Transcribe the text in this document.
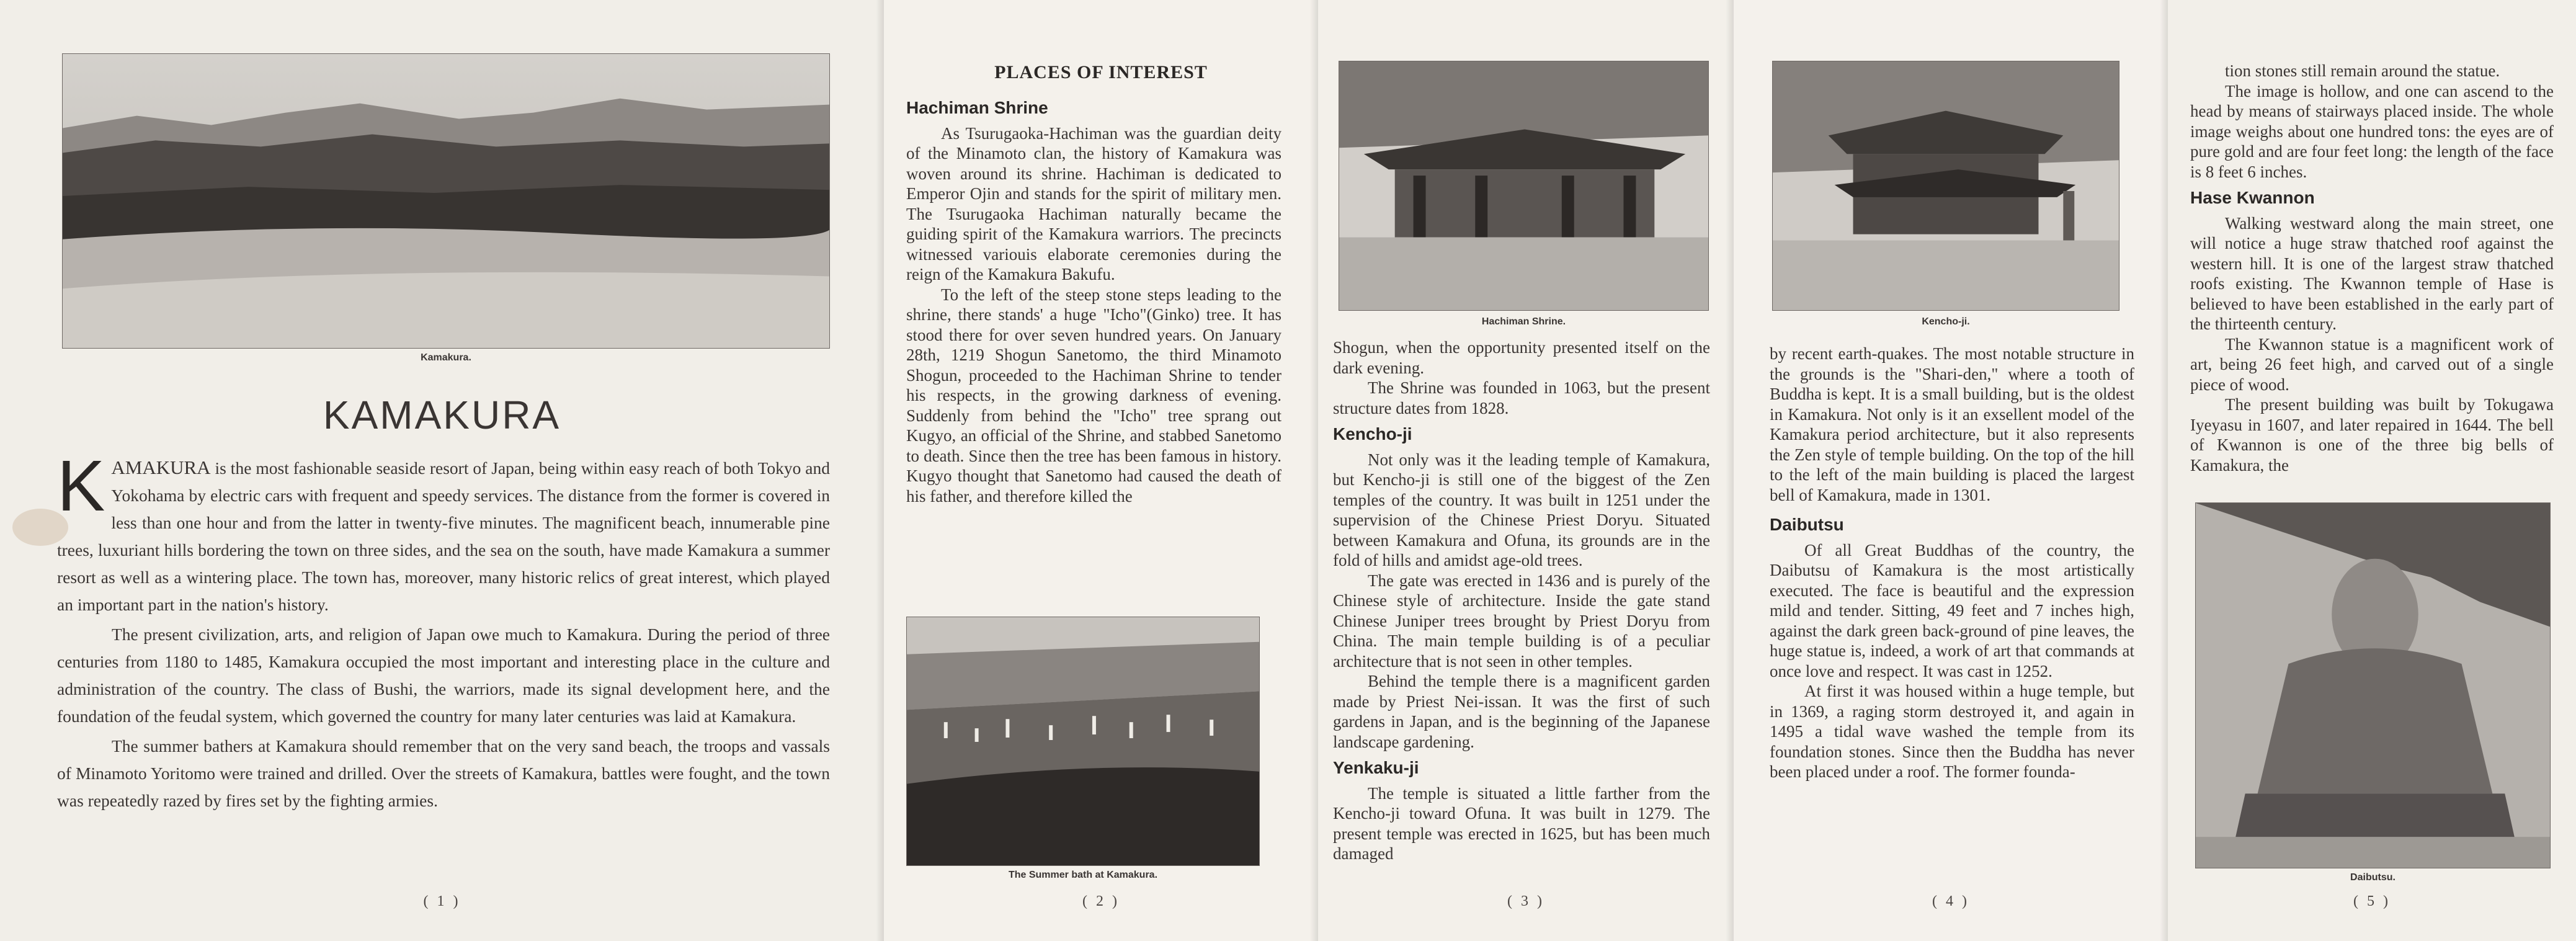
Kamakura.
KAMAKURA

KAMAKURA is the most fashionable seaside resort of Japan, being within easy reach of both Tokyo and Yokohama by electric cars with frequent and speedy services. The distance from the former is covered in less than one hour and from the latter in twenty-five minutes. The magnificent beach, innumerable pine trees, luxuriant hills bordering the town on three sides, and the sea on the south, have made Kamakura a summer resort as well as a wintering place. The town has, moreover, many historic relics of great interest, which played an important part in the nation's history.

The present civilization, arts, and religion of Japan owe much to Kamakura. During the period of three centuries from 1180 to 1485, Kamakura occupied the most important and interesting place in the culture and administration of the country. The class of Bushi, the warriors, made its signal development here, and the foundation of the feudal system, which governed the country for many later centuries was laid at Kamakura.

The summer bathers at Kamakura should remember that on the very sand beach, the troops and vassals of Minamoto Yoritomo were trained and drilled. Over the streets of Kamakura, battles were fought, and the town was repeatedly razed by fires set by the fighting armies.

( 1 )
PLACES OF INTEREST
Hachiman Shrine

As Tsurugaoka-Hachiman was the guardian deity of the Minamoto clan, the history of Kamakura was woven around its shrine. Hachiman is dedicated to Emperor Ojin and stands for the spirit of military men. The Tsurugaoka Hachiman naturally became the guiding spirit of the Kamakura warriors. The precincts witnessed variouis elaborate ceremonies during the reign of the Kamakura Bakufu.

To the left of the steep stone steps leading to the shrine, there stands' a huge "Icho"(Ginko) tree. It has stood there for over seven hundred years. On January 28th, 1219 Shogun Sanetomo, the third Minamoto Shogun, proceeded to the Hachiman Shrine to tender his respects, in the growing darkness of evening. Suddenly from behind the "Icho" tree sprang out Kugyo, an official of the Shrine, and stabbed Sanetomo to death. Since then the tree has been famous in history. Kugyo thought that Sanetomo had caused the death of his father, and therefore killed the

The Summer bath at Kamakura.
( 2 )
Hachiman Shrine.

Shogun, when the opportunity presented itself on the dark evening.

The Shrine was founded in 1063, but the present structure dates from 1828.

Kencho-ji

Not only was it the leading temple of Kamakura, but Kencho-ji is still one of the biggest of the Zen temples of the country. It was built in 1251 under the supervision of the Chinese Priest Doryu. Situated between Kamakura and Ofuna, its grounds are in the fold of hills and amidst age-old trees.

The gate was erected in 1436 and is purely of the Chinese style of architecture. Inside the gate stand Chinese Juniper trees brought by Priest Doryu from China. The main temple building is of a peculiar architecture that is not seen in other temples.

Behind the temple there is a magnificent garden made by Priest Nei-issan. It was the first of such gardens in Japan, and is the beginning of the Japanese landscape gardening.

Yenkaku-ji

The temple is situated a little farther from the Kencho-ji toward Ofuna. It was built in 1279. The present temple was erected in 1625, but has been much damaged

( 3 )
Kencho-ji.

by recent earth-quakes. The most notable structure in the grounds is the "Shari-den," where a tooth of Buddha is kept. It is a small building, but is the oldest in Kamakura. Not only is it an exsellent model of the Kamakura period architecture, but it also represents the Zen style of temple building. On the top of the hill to the left of the main building is placed the largest bell of Kamakura, made in 1301.

Daibutsu

Of all Great Buddhas of the country, the Daibutsu of Kamakura is the most artistically executed. The face is beautiful and the expression mild and tender. Sitting, 49 feet and 7 inches high, against the dark green back-ground of pine leaves, the huge statue is, indeed, a work of art that commands at once love and respect. It was cast in 1252.

At first it was housed within a huge temple, but in 1369, a raging storm destroyed it, and again in 1495 a tidal wave washed the temple from its foundation stones. Since then the Buddha has never been placed under a roof. The former founda-

( 4 )

tion stones still remain around the statue.

The image is hollow, and one can ascend to the head by means of stairways placed inside. The whole image weighs about one hundred tons: the eyes are of pure gold and are four feet long: the length of the face is 8 feet 6 inches.

Hase Kwannon

Walking westward along the main street, one will notice a huge straw thatched roof against the western hill. It is one of the largest straw thatched roofs existing. The Kwannon temple of Hase is believed to have been established in the early part of the thirteenth century.

The Kwannon statue is a magnificent work of art, being 26 feet high, and carved out of a single piece of wood.

The present building was built by Tokugawa Iyeyasu in 1607, and later repaired in 1644. The bell of Kwannon is one of the three big bells of Kamakura, the

Daibutsu.
( 5 )
